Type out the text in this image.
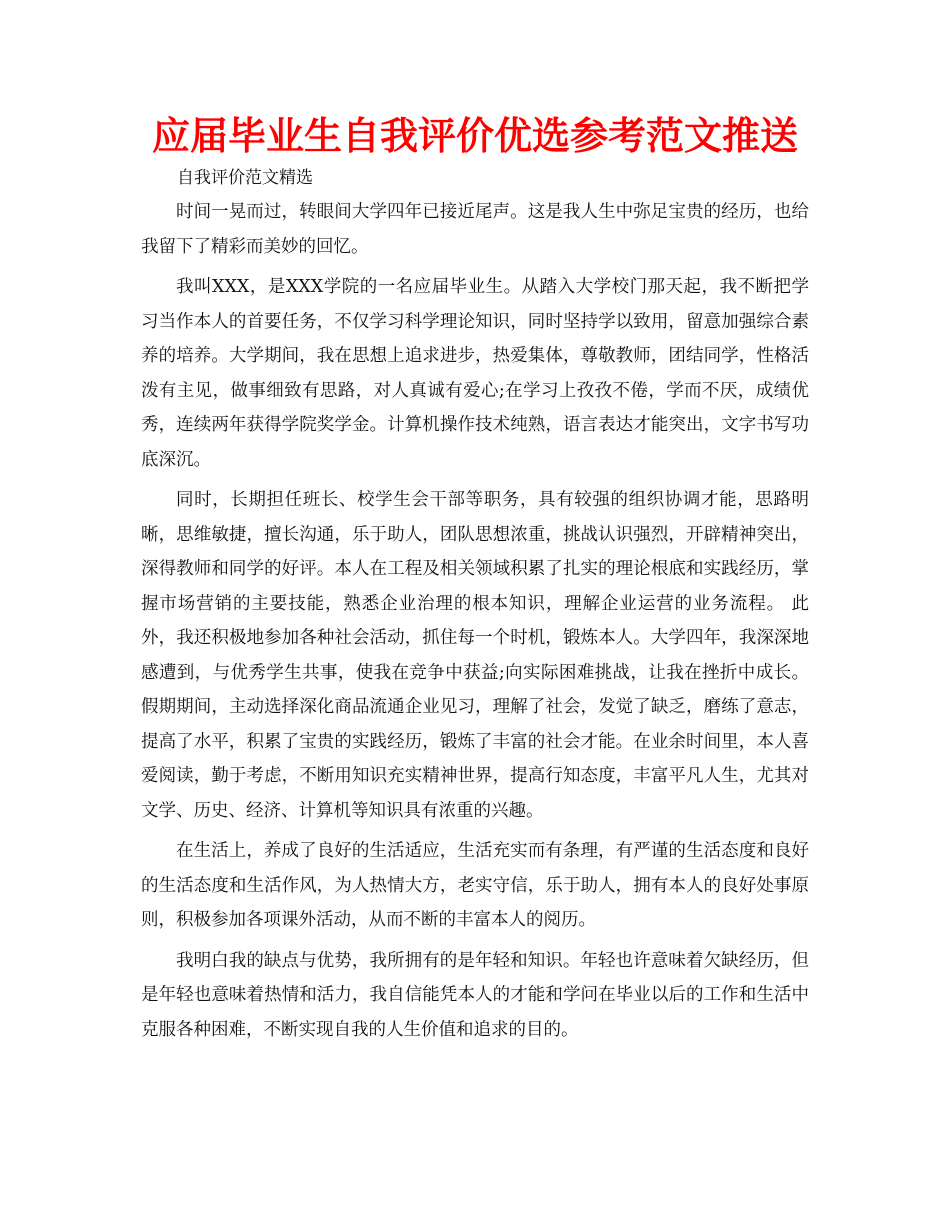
应届毕业生自我评价优选参考范文推送
自我评价范文精选

时间一晃而过，转眼间大学四年已接近尾声。这是我人生中弥足宝贵的经历，也给我留下了精彩而美妙的回忆。

我叫XXX，是XXX学院的一名应届毕业生。从踏入大学校门那天起，我不断把学习当作本人的首要任务，不仅学习科学理论知识，同时坚持学以致用，留意加强综合素养的培养。大学期间，我在思想上追求进步，热爱集体，尊敬教师，团结同学，性格活泼有主见，做事细致有思路，对人真诚有爱心;在学习上孜孜不倦，学而不厌，成绩优秀，连续两年获得学院奖学金。计算机操作技术纯熟，语言表达才能突出，文字书写功底深沉。

同时，长期担任班长、校学生会干部等职务，具有较强的组织协调才能，思路明晰，思维敏捷，擅长沟通，乐于助人，团队思想浓重，挑战认识强烈，开辟精神突出，深得教师和同学的好评。本人在工程及相关领域积累了扎实的理论根底和实践经历，掌握市场营销的主要技能，熟悉企业治理的根本知识，理解企业运营的业务流程。 此外，我还积极地参加各种社会活动，抓住每一个时机，锻炼本人。大学四年，我深深地感遭到，与优秀学生共事，使我在竞争中获益;向实际困难挑战，让我在挫折中成长。假期期间，主动选择深化商品流通企业见习，理解了社会，发觉了缺乏，磨练了意志，提高了水平，积累了宝贵的实践经历，锻炼了丰富的社会才能。在业余时间里，本人喜爱阅读，勤于考虑，不断用知识充实精神世界，提高行知态度，丰富平凡人生，尤其对文学、历史、经济、计算机等知识具有浓重的兴趣。

在生活上，养成了良好的生活适应，生活充实而有条理，有严谨的生活态度和良好的生活态度和生活作风，为人热情大方，老实守信，乐于助人，拥有本人的良好处事原则，积极参加各项课外活动，从而不断的丰富本人的阅历。

我明白我的缺点与优势，我所拥有的是年轻和知识。年轻也许意味着欠缺经历，但是年轻也意味着热情和活力，我自信能凭本人的才能和学问在毕业以后的工作和生活中克服各种困难，不断实现自我的人生价值和追求的目的。
